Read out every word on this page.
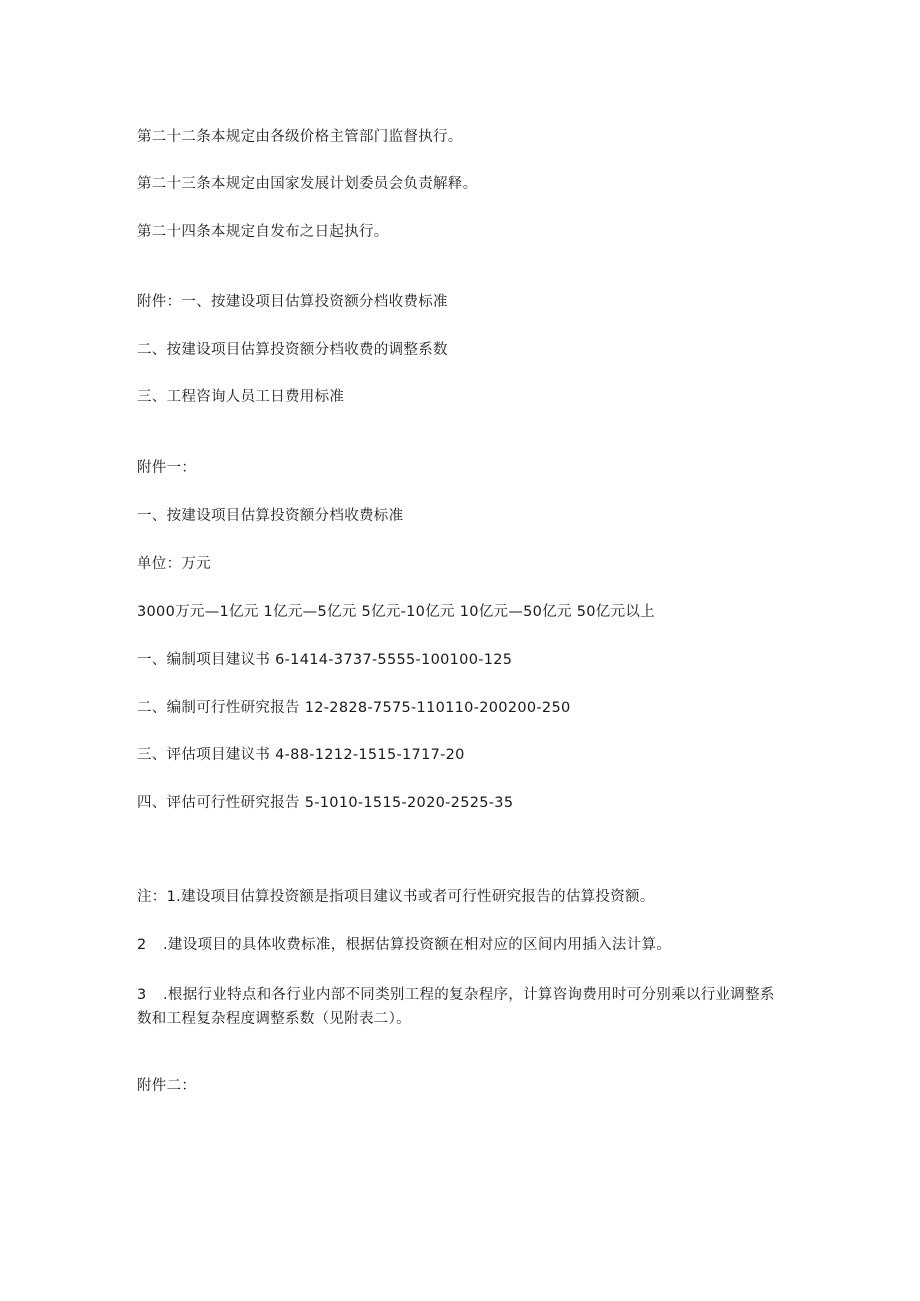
第二十二条本规定由各级价格主管部门监督执行。
第二十三条本规定由国家发展计划委员会负责解释。
第二十四条本规定自发布之日起执行。
附件：一、按建设项目估算投资额分档收费标准
二、按建设项目估算投资额分档收费的调整系数
三、工程咨询人员工日费用标准
附件一：
一、按建设项目估算投资额分档收费标准
单位：万元
3000万元—1亿元 1亿元—5亿元 5亿元-10亿元 10亿元—50亿元 50亿元以上
一、编制项目建议书 6-1414-3737-5555-100100-125
二、编制可行性研究报告 12-2828-7575-110110-200200-250
三、评估项目建议书 4-88-1212-1515-1717-20
四、评估可行性研究报告 5-1010-1515-2020-2525-35
注：1.建设项目估算投资额是指项目建议书或者可行性研究报告的估算投资额。
2 .建设项目的具体收费标准，根据估算投资额在相对应的区间内用插入法计算。
3 .根据行业特点和各行业内部不同类别工程的复杂程序，计算咨询费用时可分别乘以行业调整系数和工程复杂程度调整系数（见附表二）。
附件二：
